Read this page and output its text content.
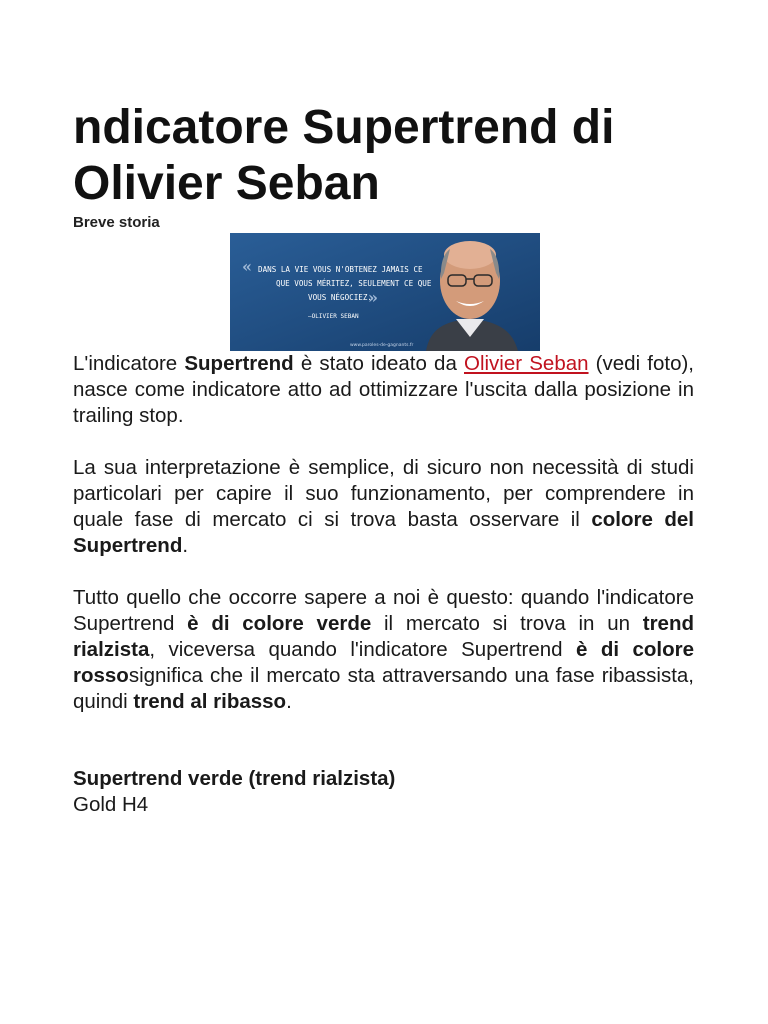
ndicatore Supertrend di Olivier Seban
Breve storia
« DANS LA VIE VOUS N'OBTENEZ JAMAIS CE
QUE VOUS MÉRITEZ, SEULEMENT CE QUE
VOUS NÉGOCIEZ.
»
—OLIVIER SEBAN
www.paroles-de-gagnants.fr

L'indicatore Supertrend è stato ideato da Olivier Seban (vedi foto), nasce come indicatore atto ad ottimizzare l'uscita dalla posizione in trailing stop.

La sua interpretazione è semplice, di sicuro non necessità di studi particolari per capire il suo funzionamento, per comprendere in quale fase di mercato ci si trova basta osservare il colore del Supertrend.

Tutto quello che occorre sapere a noi è questo: quando l'indicatore Supertrend è di colore verde il mercato si trova in un trend rialzista, viceversa quando l'indicatore Supertrend è di colore rossosignifica che il mercato sta attraversando una fase ribassista, quindi trend al ribasso.

Supertrend verde (trend rialzista)
Gold H4
